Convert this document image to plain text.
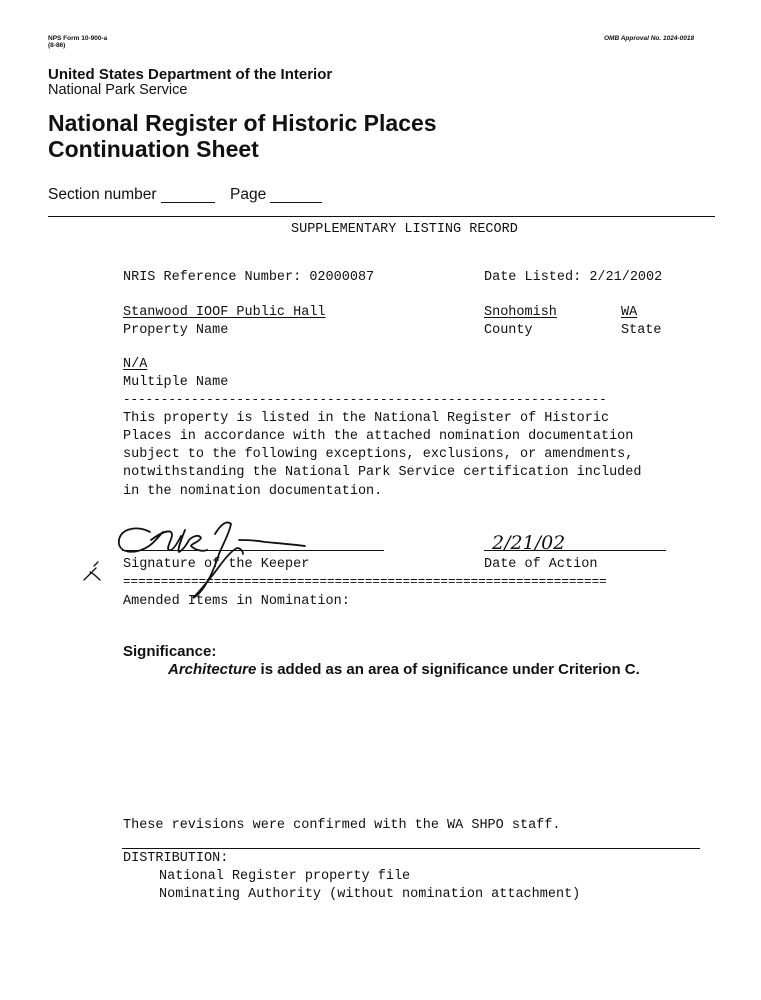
NPS Form 10-900-a
(8-86)
OMB Approval No. 1024-0018
United States Department of the Interior
National Park Service
National Register of Historic Places
Continuation Sheet
Section number	Page
SUPPLEMENTARY LISTING RECORD
NRIS Reference Number: 02000087	Date Listed: 2/21/2002
Stanwood IOOF Public Hall
Property Name
Snohomish
County
WA
State
N/A
Multiple Name
----------------------------------------------------------------
This property is listed in the National Register of Historic
Places in accordance with the attached nomination documentation
subject to the following exceptions, exclusions, or amendments,
notwithstanding the National Park Service certification included
in the nomination documentation.
2/21/02
Signature of the Keeper	Date of Action
================================================================
Amended Items in Nomination:
Significance:
Architecture is added as an area of significance under Criterion C.
These revisions were confirmed with the WA SHPO staff.
DISTRIBUTION:
National Register property file
Nominating Authority (without nomination attachment)
